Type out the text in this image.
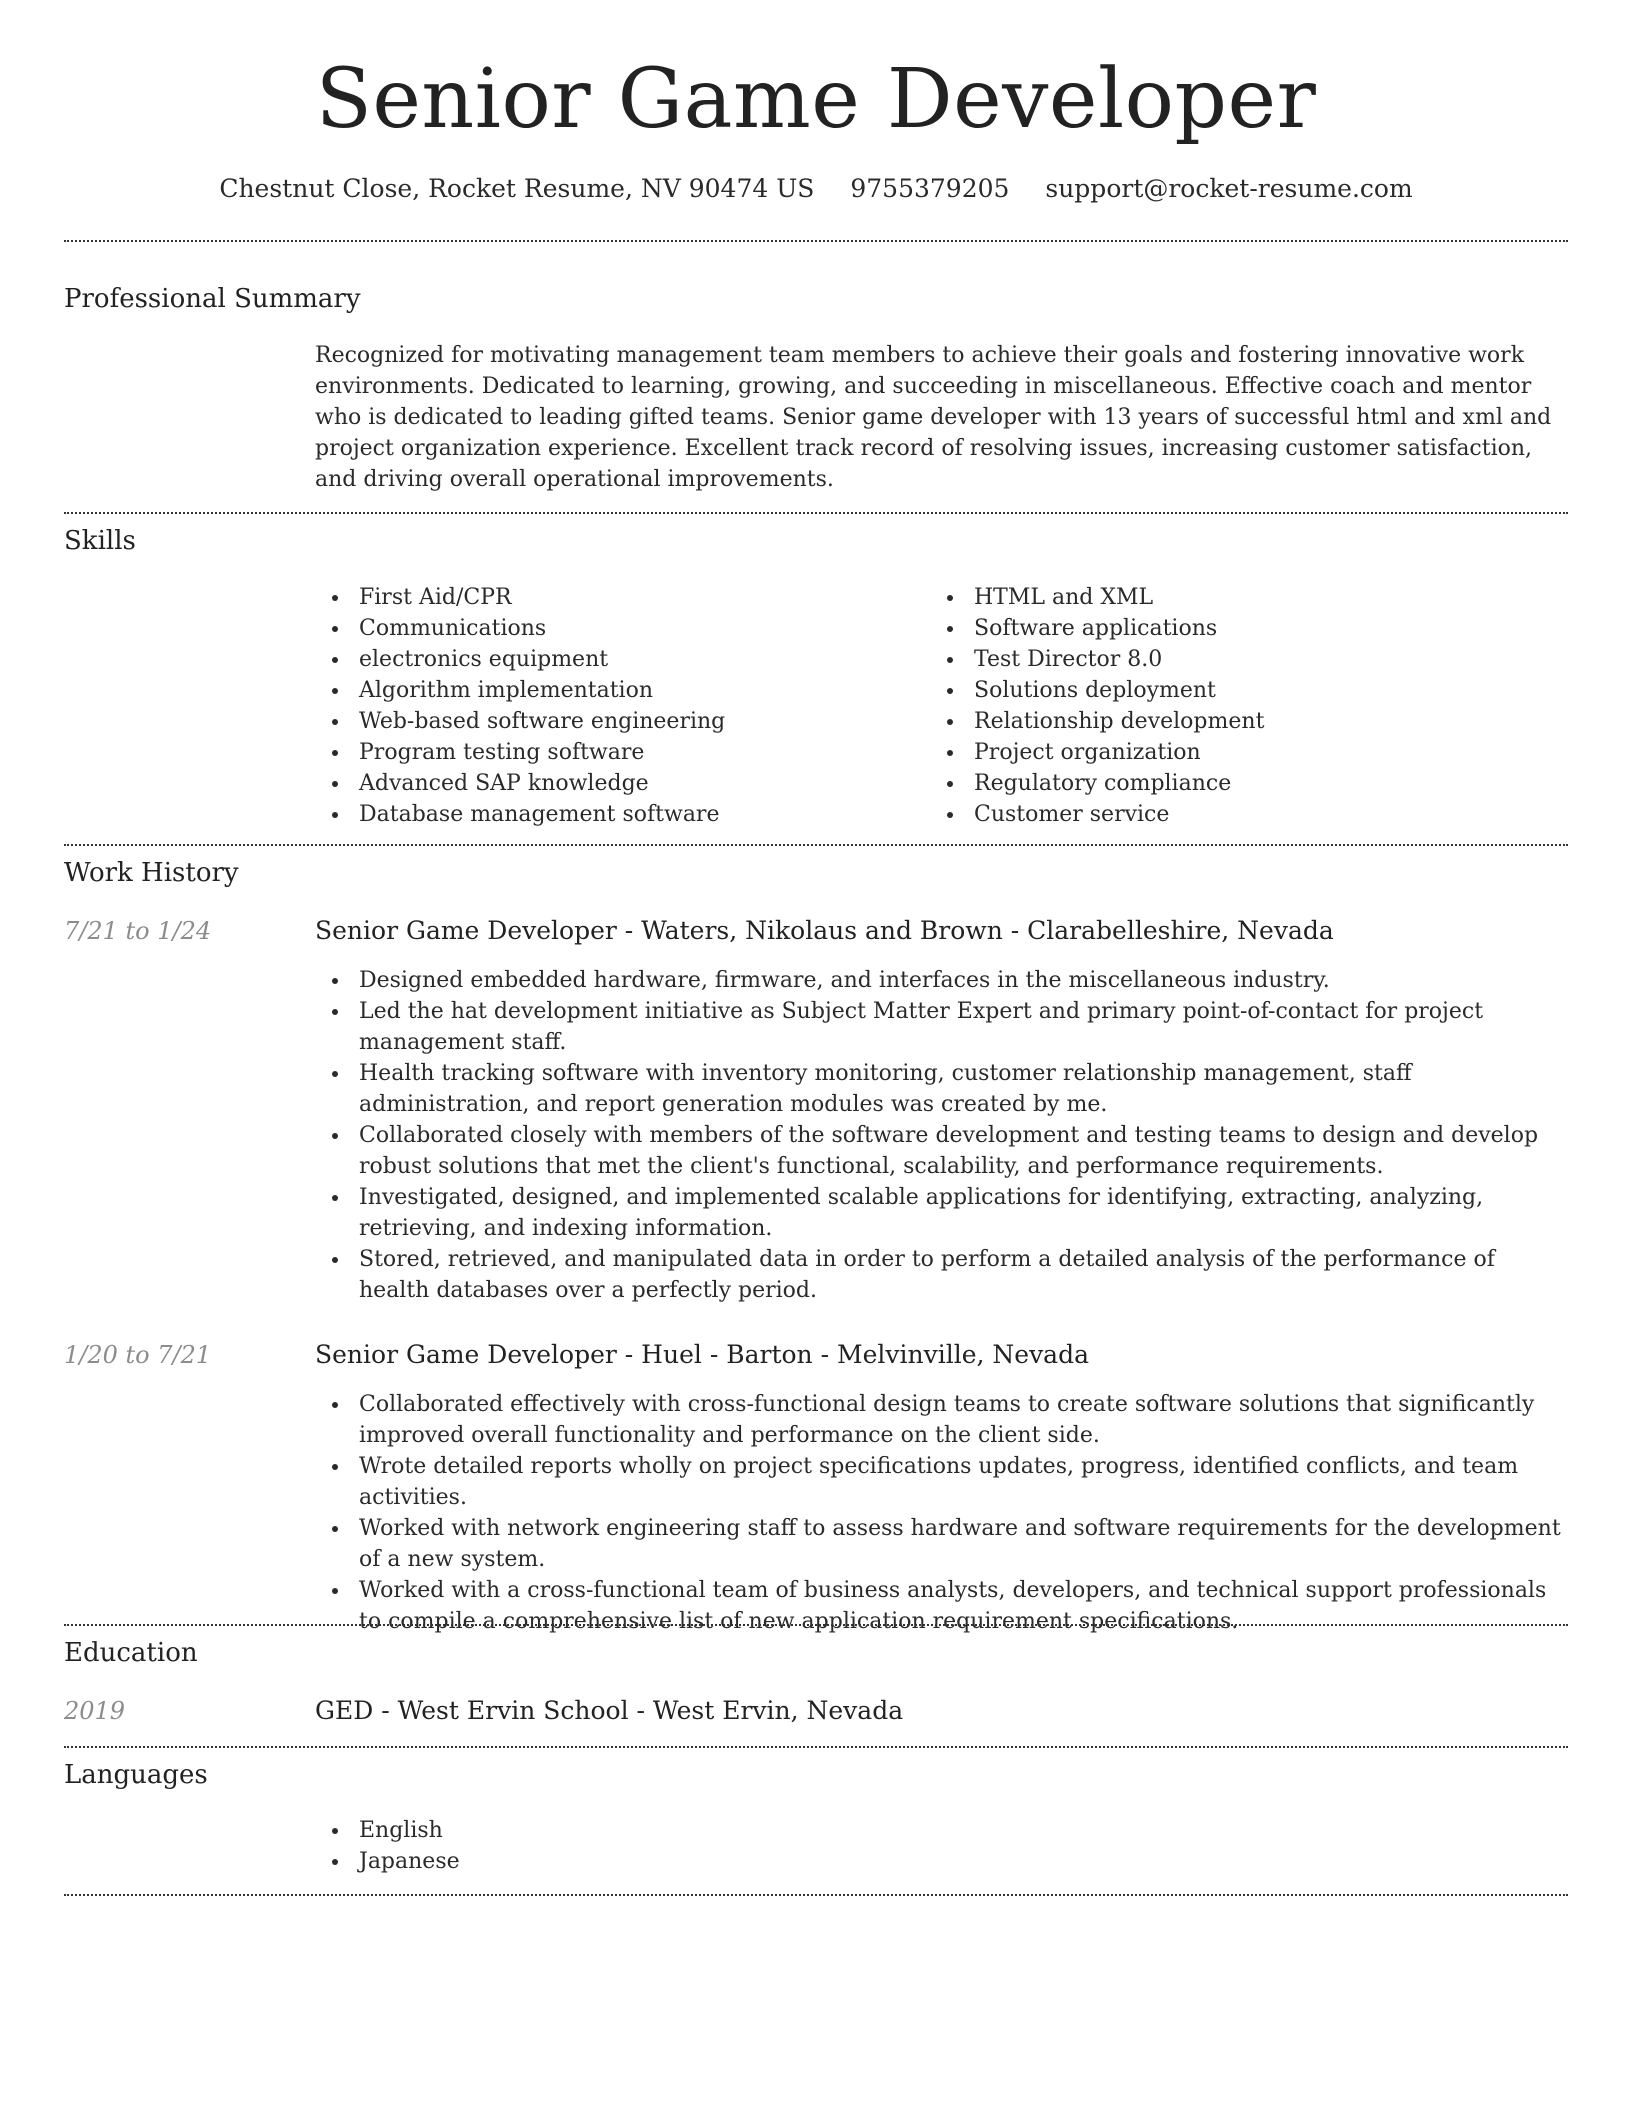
Senior Game Developer
Chestnut Close, Rocket Resume, NV 90474 US 9755379205 support@rocket-resume.com
Professional Summary
Recognized for motivating management team members to achieve their goals and fostering innovative work environments. Dedicated to learning, growing, and succeeding in miscellaneous. Effective coach and mentor who is dedicated to leading gifted teams. Senior game developer with 13 years of successful html and xml and project organization experience. Excellent track record of resolving issues, increasing customer satisfaction, and driving overall operational improvements.
Skills
First Aid/CPR
Communications
electronics equipment
Algorithm implementation
Web-based software engineering
Program testing software
Advanced SAP knowledge
Database management software
HTML and XML
Software applications
Test Director 8.0
Solutions deployment
Relationship development
Project organization
Regulatory compliance
Customer service
Work History
7/21 to 1/24	Senior Game Developer - Waters, Nikolaus and Brown - Clarabelleshire, Nevada
Designed embedded hardware, firmware, and interfaces in the miscellaneous industry.
Led the hat development initiative as Subject Matter Expert and primary point-of-contact for project management staff.
Health tracking software with inventory monitoring, customer relationship management, staff administration, and report generation modules was created by me.
Collaborated closely with members of the software development and testing teams to design and develop robust solutions that met the client's functional, scalability, and performance requirements.
Investigated, designed, and implemented scalable applications for identifying, extracting, analyzing, retrieving, and indexing information.
Stored, retrieved, and manipulated data in order to perform a detailed analysis of the performance of health databases over a perfectly period.
1/20 to 7/21	Senior Game Developer - Huel - Barton - Melvinville, Nevada
Collaborated effectively with cross-functional design teams to create software solutions that significantly improved overall functionality and performance on the client side.
Wrote detailed reports wholly on project specifications updates, progress, identified conflicts, and team activities.
Worked with network engineering staff to assess hardware and software requirements for the development of a new system.
Worked with a cross-functional team of business analysts, developers, and technical support professionals to compile a comprehensive list of new application requirement specifications.
Education
2019	GED - West Ervin School - West Ervin, Nevada
Languages
English
Japanese
